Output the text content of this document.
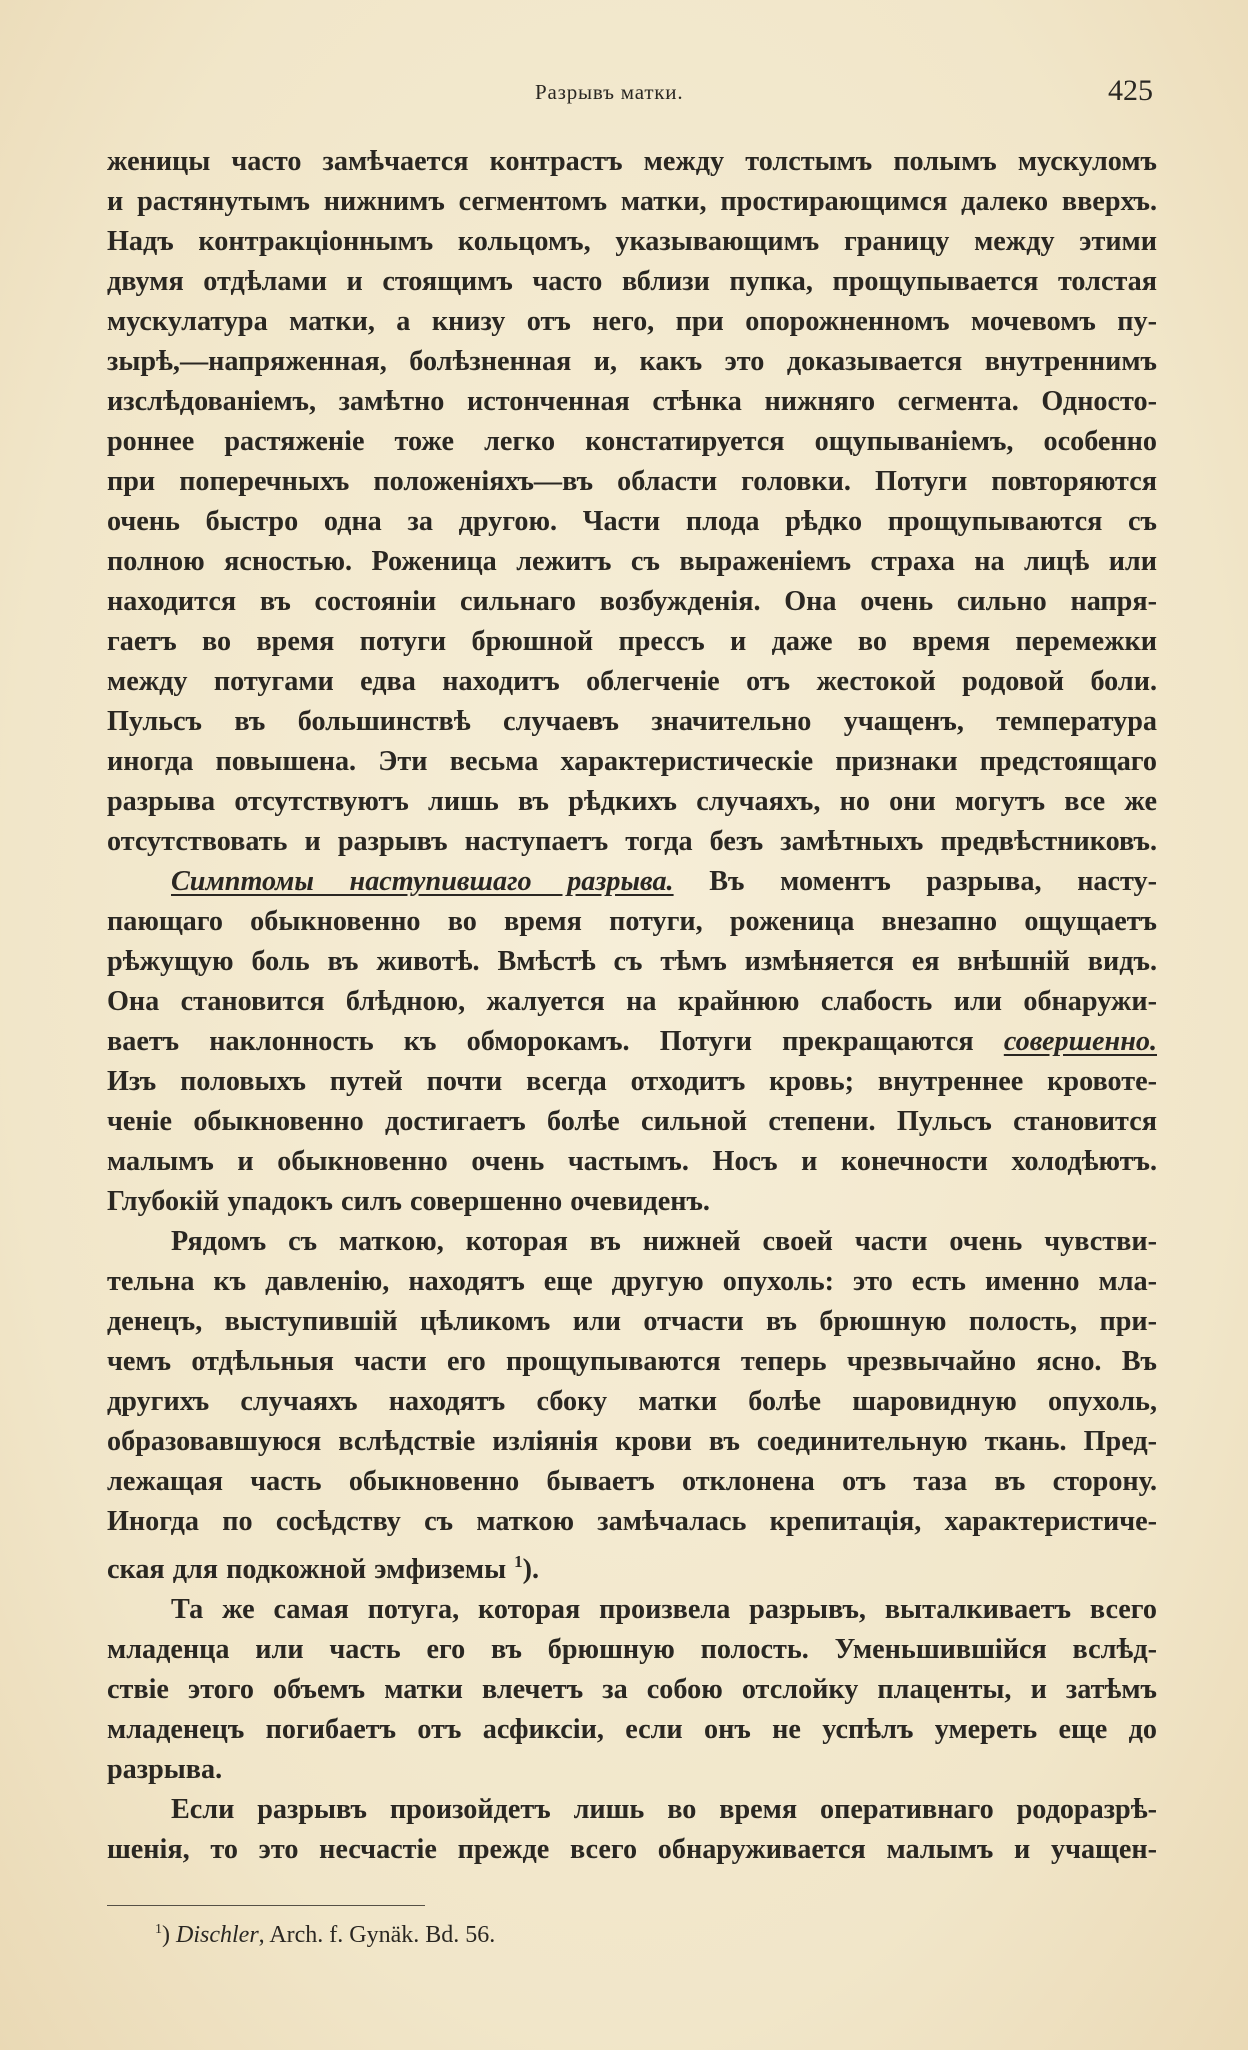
Разрывъ матки.	425

женицы часто замѣчается контрастъ между толстымъ полымъ мускуломъ

и растянутымъ нижнимъ сегментомъ матки, простирающимся далеко вверхъ.

Надъ контракціоннымъ кольцомъ, указывающимъ границу между этими

двумя отдѣлами и стоящимъ часто вблизи пупка, прощупывается толстая

мускулатура матки, а книзу отъ него, при опорожненномъ мочевомъ пу-

зырѣ,—напряженная, болѣзненная и, какъ это доказывается внутреннимъ

изслѣдованіемъ, замѣтно истонченная стѣнка нижняго сегмента. Односто-

роннее растяженіе тоже легко констатируется ощупываніемъ, особенно

при поперечныхъ положеніяхъ—въ области головки. Потуги повторяются

очень быстро одна за другою. Части плода рѣдко прощупываются съ

полною ясностью. Роженица лежитъ съ выраженіемъ страха на лицѣ или

находится въ состояніи сильнаго возбужденія. Она очень сильно напря-

гаетъ во время потуги брюшной прессъ и даже во время перемежки

между потугами едва находитъ облегченіе отъ жестокой родовой боли.

Пульсъ въ большинствѣ случаевъ значительно учащенъ, температура

иногда повышена. Эти весьма характеристическіе признаки предстоящаго

разрыва отсутствуютъ лишь въ рѣдкихъ случаяхъ, но они могутъ все же

отсутствовать и разрывъ наступаетъ тогда безъ замѣтныхъ предвѣстниковъ.

Симптомы наступившаго разрыва. Въ моментъ разрыва, насту-

пающаго обыкновенно во время потуги, роженица внезапно ощущаетъ

рѣжущую боль въ животѣ. Вмѣстѣ съ тѣмъ измѣняется ея внѣшній видъ.

Она становится блѣдною, жалуется на крайнюю слабость или обнаружи-

ваетъ наклонность къ обморокамъ. Потуги прекращаются совершенно.

Изъ половыхъ путей почти всегда отходитъ кровь; внутреннее кровоте-

ченіе обыкновенно достигаетъ болѣе сильной степени. Пульсъ становится

малымъ и обыкновенно очень частымъ. Носъ и конечности холодѣютъ.

Глубокій упадокъ силъ совершенно очевиденъ.

Рядомъ съ маткою, которая въ нижней своей части очень чувстви-

тельна къ давленію, находятъ еще другую опухоль: это есть именно мла-

денецъ, выступившій цѣликомъ или отчасти въ брюшную полость, при-

чемъ отдѣльныя части его прощупываются теперь чрезвычайно ясно. Въ

другихъ случаяхъ находятъ сбоку матки болѣе шаровидную опухоль,

образовавшуюся вслѣдствіе изліянія крови въ соединительную ткань. Пред-

лежащая часть обыкновенно бываетъ отклонена отъ таза въ сторону.

Иногда по сосѣдству съ маткою замѣчалась крепитація, характеристиче-

ская для подкожной эмфиземы $^1$).

Та же самая потуга, которая произвела разрывъ, выталкиваетъ всего

младенца или часть его въ брюшную полость. Уменьшившійся вслѣд-

ствіе этого объемъ матки влечетъ за собою отслойку плаценты, и затѣмъ

младенецъ погибаетъ отъ асфиксіи, если онъ не успѣлъ умереть еще до

разрыва.

Если разрывъ произойдетъ лишь во время оперативнаго родоразрѣ-

шенія, то это несчастіе прежде всего обнаруживается малымъ и учащен-

$^1$) Dischler, Arch. f. Gynäk. Bd. 56.
